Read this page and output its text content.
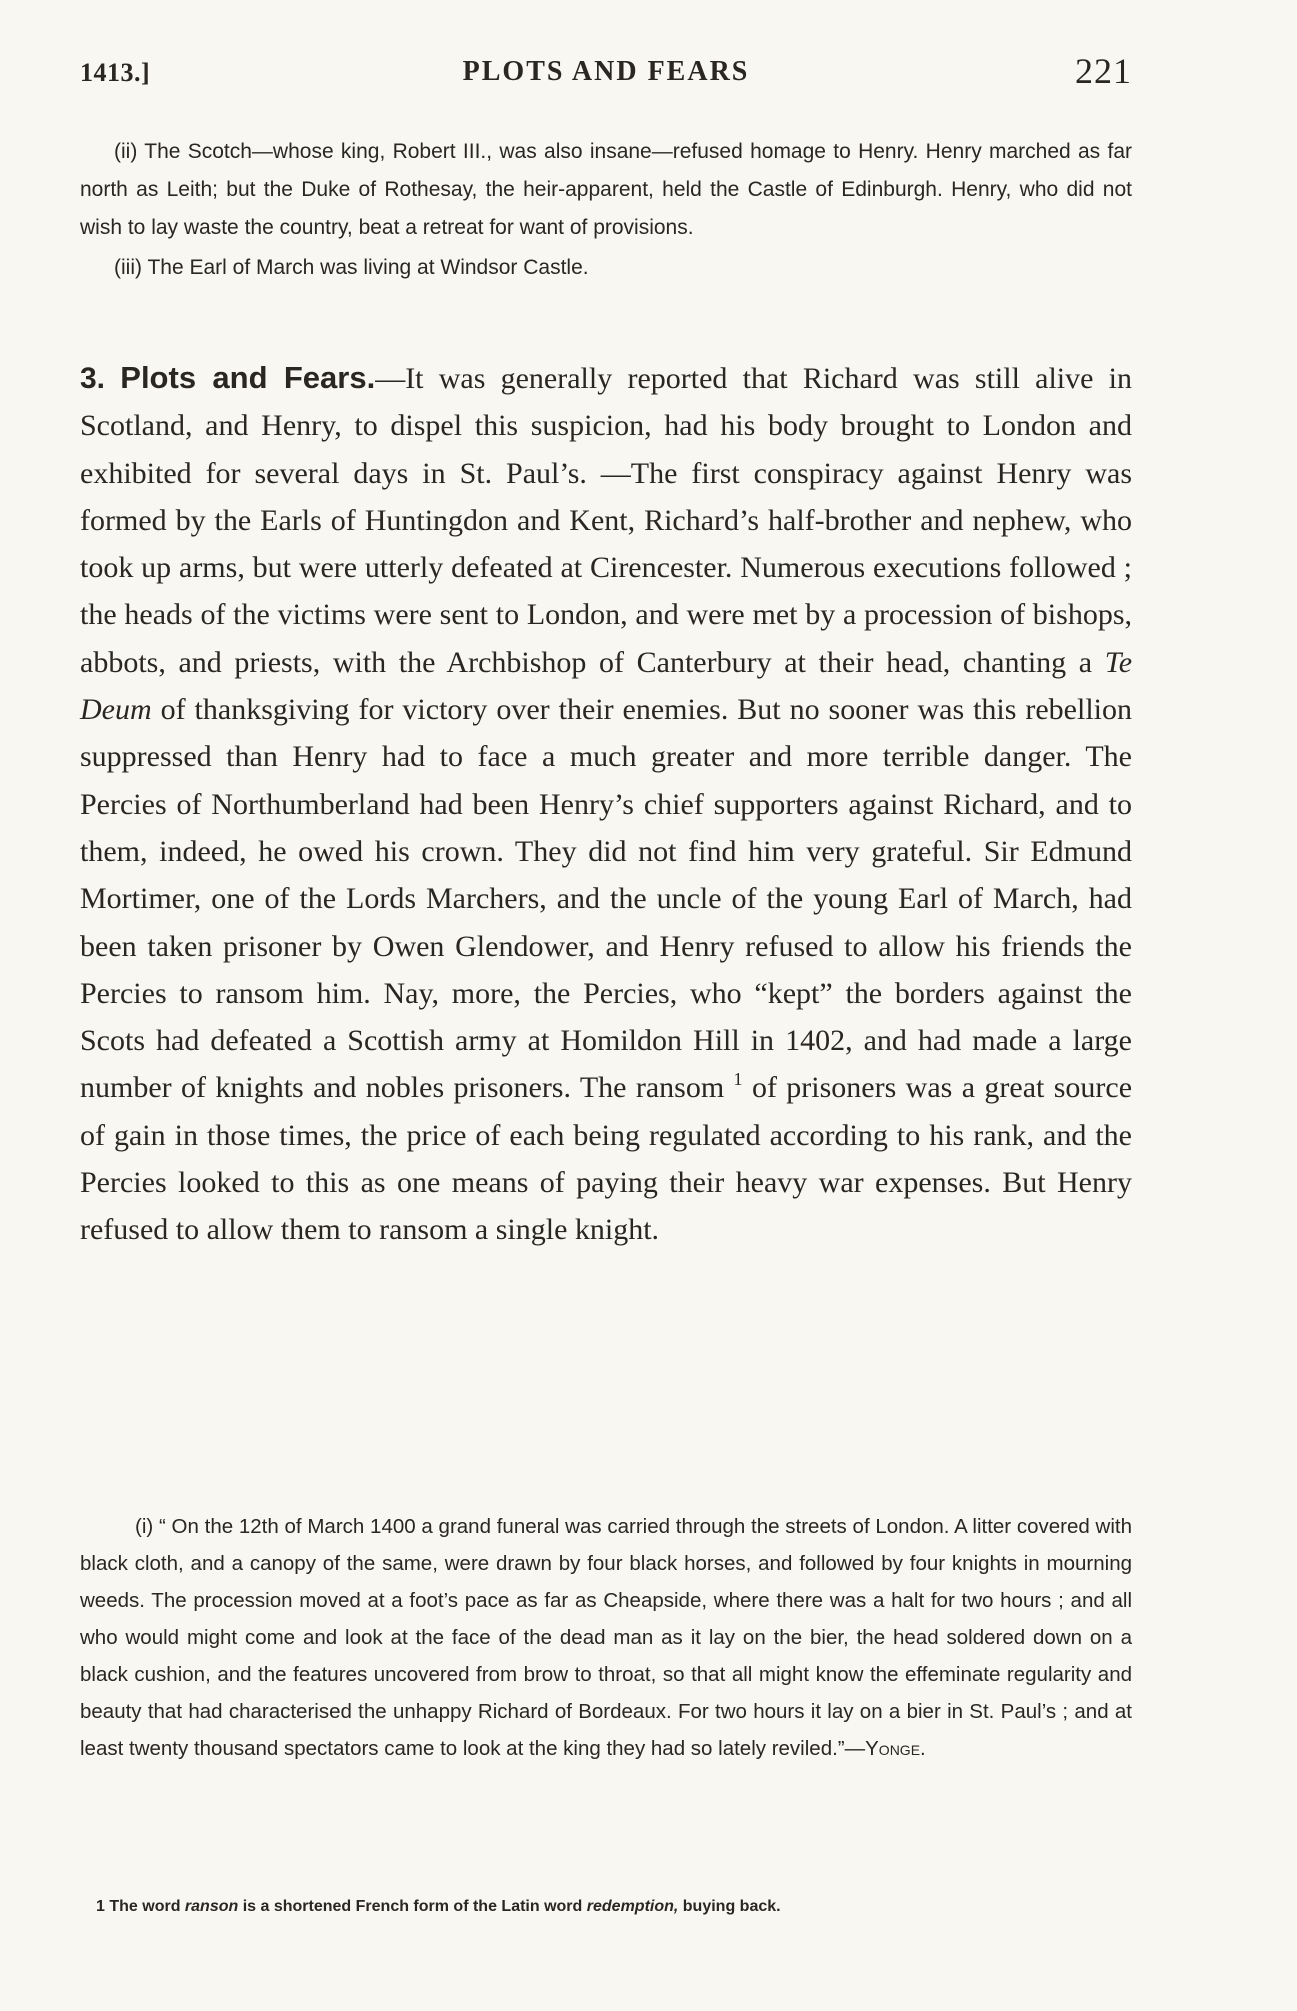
1413.]	PLOTS AND FEARS	221

(ii) The Scotch—whose king, Robert III., was also insane—refused homage to Henry. Henry marched as far north as Leith; but the Duke of Rothesay, the heir-apparent, held the Castle of Edinburgh. Henry, who did not wish to lay waste the country, beat a retreat for want of provisions.

(iii) The Earl of March was living at Windsor Castle.

3. Plots and Fears.—It was generally reported that Richard was still alive in Scotland, and Henry, to dispel this suspicion, had his body brought to London and exhibited for several days in St. Paul’s. —The first conspiracy against Henry was formed by the Earls of Huntingdon and Kent, Richard’s half-brother and nephew, who took up arms, but were utterly defeated at Cirencester. Numerous executions followed ; the heads of the victims were sent to London, and were met by a procession of bishops, abbots, and priests, with the Archbishop of Canterbury at their head, chanting a Te Deum of thanksgiving for victory over their enemies. But no sooner was this rebellion suppressed than Henry had to face a much greater and more terrible danger. The Percies of Northumberland had been Henry’s chief supporters against Richard, and to them, indeed, he owed his crown. They did not find him very grateful. Sir Edmund Mortimer, one of the Lords Marchers, and the uncle of the young Earl of March, had been taken prisoner by Owen Glendower, and Henry refused to allow his friends the Percies to ransom him. Nay, more, the Percies, who “kept” the borders against the Scots had defeated a Scottish army at Homildon Hill in 1402, and had made a large number of knights and nobles prisoners. The ransom $^1$ of prisoners was a great source of gain in those times, the price of each being regulated according to his rank, and the Percies looked to this as one means of paying their heavy war expenses. But Henry refused to allow them to ransom a single knight.

(i) “ On the 12th of March 1400 a grand funeral was carried through the streets of London. A litter covered with black cloth, and a canopy of the same, were drawn by four black horses, and followed by four knights in mourning weeds. The procession moved at a foot’s pace as far as Cheapside, where there was a halt for two hours ; and all who would might come and look at the face of the dead man as it lay on the bier, the head soldered down on a black cushion, and the features uncovered from brow to throat, so that all might know the effeminate regularity and beauty that had characterised the unhappy Richard of Bordeaux. For two hours it lay on a bier in St. Paul’s ; and at least twenty thousand spectators came to look at the king they had so lately reviled.”—Yonge.

1 The word ranson is a shortened French form of the Latin word redemption, buying back.
